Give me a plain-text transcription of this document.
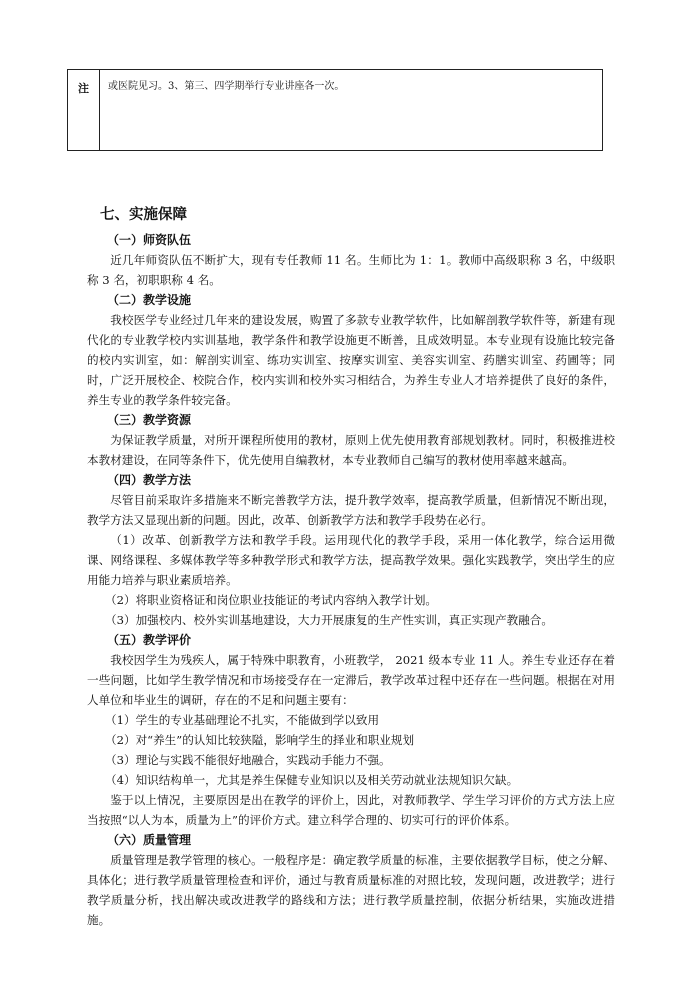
注	或医院见习。3、第三、四学期举行专业讲座各一次。

七、实施保障

（一）师资队伍

近几年师资队伍不断扩大，现有专任教师 11 名。生师比为 1：1。教师中高级职称 3 名，中级职称 3 名，初职职称 4 名。

（二）教学设施

我校医学专业经过几年来的建设发展，购置了多款专业教学软件，比如解剖教学软件等，新建有现代化的专业教学校内实训基地，教学条件和教学设施更不断善，且成效明显。本专业现有设施比较完备的校内实训室，如：解剖实训室、练功实训室、按摩实训室、美容实训室、药膳实训室、药圃等；同时，广泛开展校企、校院合作，校内实训和校外实习相结合，为养生专业人才培养提供了良好的条件，养生专业的教学条件较完备。

（三）教学资源

为保证教学质量，对所开课程所使用的教材，原则上优先使用教育部规划教材。同时，积极推进校本教材建设，在同等条件下，优先使用自编教材，本专业教师自己编写的教材使用率越来越高。

（四）教学方法

尽管目前采取许多措施来不断完善教学方法，提升教学效率，提高教学质量，但新情况不断出现，教学方法又显现出新的问题。因此，改革、创新教学方法和教学手段势在必行。

（1）改革、创新教学方法和教学手段。运用现代化的教学手段，采用一体化教学，综合运用微课、网络课程、多媒体教学等多种教学形式和教学方法，提高教学效果。强化实践教学，突出学生的应用能力培养与职业素质培养。

（2）将职业资格证和岗位职业技能证的考试内容纳入教学计划。

（3）加强校内、校外实训基地建设，大力开展康复的生产性实训，真正实现产教融合。

（五）教学评价

我校因学生为残疾人，属于特殊中职教育，小班教学， 2021 级本专业 11 人。养生专业还存在着一些问题，比如学生教学情况和市场接受存在一定滞后，教学改革过程中还存在一些问题。根据在对用人单位和毕业生的调研，存在的不足和问题主要有：

（1）学生的专业基础理论不扎实，不能做到学以致用

（2）对“养生”的认知比较狭隘，影响学生的择业和职业规划

（3）理论与实践不能很好地融合，实践动手能力不强。

（4）知识结构单一，尤其是养生保健专业知识以及相关劳动就业法规知识欠缺。

鉴于以上情况，主要原因是出在教学的评价上，因此，对教师教学、学生学习评价的方式方法上应当按照“以人为本，质量为上”的评价方式。建立科学合理的、切实可行的评价体系。

（六）质量管理

质量管理是教学管理的核心。一般程序是：确定教学质量的标准，主要依据教学目标，使之分解、具体化；进行教学质量管理检查和评价，通过与教育质量标准的对照比较，发现问题，改进教学；进行教学质量分析，找出解决或改进教学的路线和方法；进行教学质量控制，依据分析结果，实施改进措施。
